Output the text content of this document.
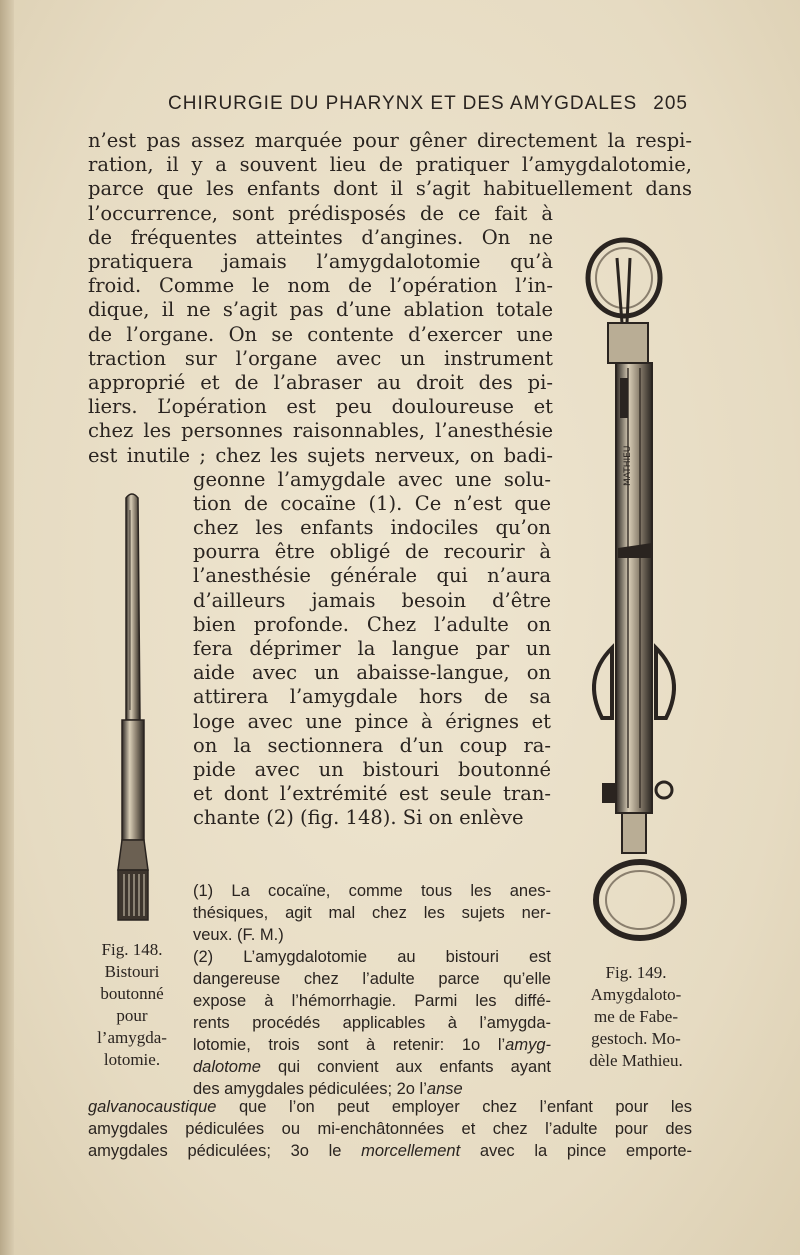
CHIRURGIE DU PHARYNX ET DES AMYGDALES 205
n’est pas assez marquée pour gêner directement la respi-
ration, il y a souvent lieu de pratiquer l’amygdalotomie,
parce que les enfants dont il s’agit habituellement dans
l’occurrence, sont prédisposés de ce fait à
de fréquentes atteintes d’angines. On ne
pratiquera jamais l’amygdalotomie qu’à
froid. Comme le nom de l’opération l’in-
dique, il ne s’agit pas d’une ablation totale
de l’organe. On se contente d’exercer une
traction sur l’organe avec un instrument
approprié et de l’abraser au droit des pi-
liers. L’opération est peu douloureuse et
chez les personnes raisonnables, l’anesthésie
est inutile ; chez les sujets nerveux, on badi-
geonne l’amygdale avec une solu-
tion de cocaïne (1). Ce n’est que
chez les enfants indociles qu’on
pourra être obligé de recourir à
l’anesthésie générale qui n’aura
d’ailleurs jamais besoin d’être
bien profonde. Chez l’adulte on
fera déprimer la langue par un
aide avec un abaisse-langue, on
attirera l’amygdale hors de sa
loge avec une pince à érignes et
on la sectionnera d’un coup ra-
pide avec un bistouri boutonné
et dont l’extrémité est seule tran-
chante (2) (fig. 148). Si on enlève
(1) La cocaïne, comme tous les anes-
thésiques, agit mal chez les sujets ner-
veux. (F. M.)
(2) L’amygdalotomie au bistouri est
dangereuse chez l’adulte parce qu’elle
expose à l’hémorrhagie. Parmi les diffé-
rents procédés applicables à l’amygda-
lotomie, trois sont à retenir: 1o l’amyg-
dalotome qui convient aux enfants ayant
des amygdales pédiculées; 2o l’anse
galvanocaustique que l’on peut employer chez l’enfant pour les
amygdales pédiculées ou mi-enchâtonnées et chez l’adulte pour des
amygdales pédiculées; 3o le morcellement avec la pince emporte-
Fig. 148.
Bistouri
boutonné
pour
l’amygda-
lotomie.
MATHIEU
Fig. 149.
Amygdaloto-
me de Fabe-
gestoch. Mo-
dèle Mathieu.
